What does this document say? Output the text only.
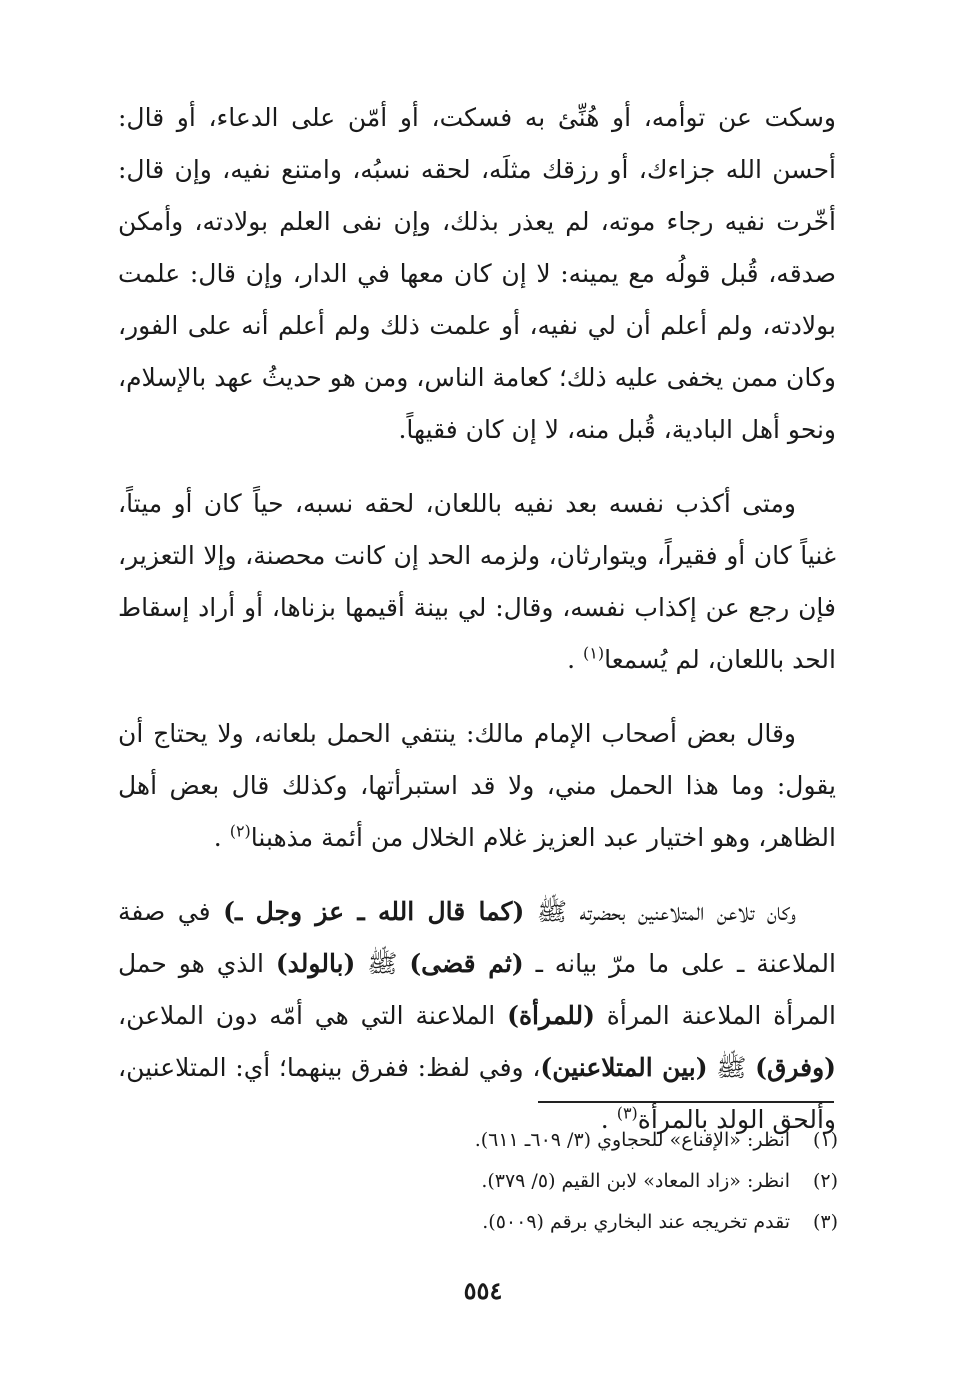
وسكت عن توأمه، أو هُنِّئ به فسكت، أو أمّن على الدعاء، أو قال: أحسن الله جزاءك، أو رزقك مثلَه، لحقه نسبُه، وامتنع نفيه، وإن قال: أخّرت نفيه رجاء موته، لم يعذر بذلك، وإن نفى العلم بولادته، وأمكن صدقه، قُبل قولُه مع يمينه: لا إن كان معها في الدار، وإن قال: علمت بولادته، ولم أعلم أن لي نفيه، أو علمت ذلك ولم أعلم أنه على الفور، وكان ممن يخفى عليه ذلك؛ كعامة الناس، ومن هو حديثُ عهد بالإسلام، ونحو أهل البادية، قُبل منه، لا إن كان فقيهاً.

ومتى أكذب نفسه بعد نفيه باللعان، لحقه نسبه، حياً كان أو ميتاً، غنياً كان أو فقيراً، ويتوارثان، ولزمه الحد إن كانت محصنة، وإلا التعزير، فإن رجع عن إكذاب نفسه، وقال: لي بينة أقيمها بزناها، أو أراد إسقاط الحد باللعان، لم يُسمعا$^{(١)}$ .

وقال بعض أصحاب الإمام مالك: ينتفي الحمل بلعانه، ولا يحتاج أن يقول: وما هذا الحمل مني، ولا قد استبرأتها، وكذلك قال بعض أهل الظاهر، وهو اختيار عبد العزيز غلام الخلال من أئمة مذهبنا$^{(٢)}$ .

وكان تلاعن المتلاعنين بحضرته ﷺ (كما قال الله ـ عز وجل ـ) في صفة الملاعنة ـ على ما مرّ بيانه ـ (ثم قضى) ﷺ (بالولد) الذي هو حمل المرأة الملاعنة المرأة (للمرأة) الملاعنة التي هي أمّه دون الملاعن، (وفرق) ﷺ (بين المتلاعنين)، وفي لفظ: ففرق بينهما؛ أي: المتلاعنين، وألحق الولد بالمرأة$^{(٣)}$ .

(١)انظر: «الإقناع» للحجاوي (٣/ ٦٠٩ـ ٦١١).
(٢)انظر: «زاد المعاد» لابن القيم (٥/ ٣٧٩).
(٣)تقدم تخريجه عند البخاري برقم (٥٠٠٩).
٥٥٤
